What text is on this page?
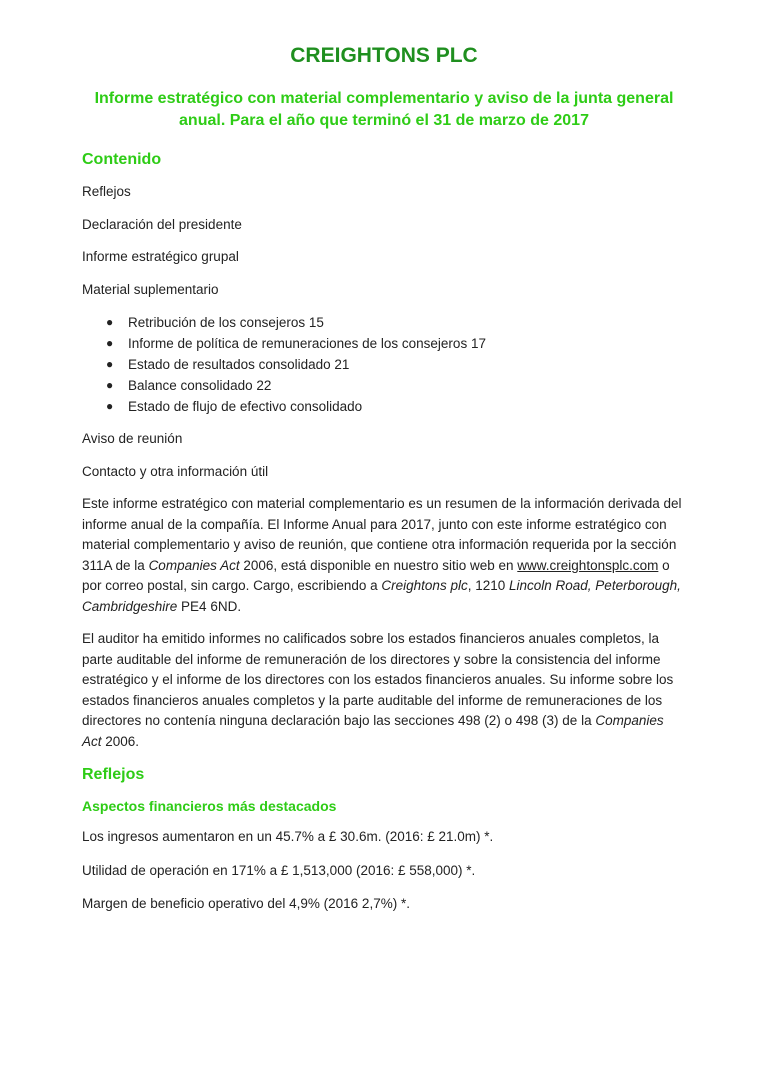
CREIGHTONS PLC
Informe estratégico con material complementario y aviso de la junta general
anual. Para el año que terminó el 31 de marzo de 2017
Contenido

Reflejos

Declaración del presidente

Informe estratégico grupal

Material suplementario

● Retribución de los consejeros 15
● Informe de política de remuneraciones de los consejeros 17
● Estado de resultados consolidado 21
● Balance consolidado 22
● Estado de flujo de efectivo consolidado

Aviso de reunión

Contacto y otra información útil

Este informe estratégico con material complementario es un resumen de la información derivada del informe anual de la compañía. El Informe Anual para 2017, junto con este informe estratégico con material complementario y aviso de reunión, que contiene otra información requerida por la sección 311A de la Companies Act 2006, está disponible en nuestro sitio web en www.creightonsplc.com o por correo postal, sin cargo. Cargo, escribiendo a Creightons plc, 1210 Lincoln Road, Peterborough, Cambridgeshire PE4 6ND.

El auditor ha emitido informes no calificados sobre los estados financieros anuales completos, la parte auditable del informe de remuneración de los directores y sobre la consistencia del informe estratégico y el informe de los directores con los estados financieros anuales. Su informe sobre los estados financieros anuales completos y la parte auditable del informe de remuneraciones de los directores no contenía ninguna declaración bajo las secciones 498 (2) o 498 (3) de la Companies Act 2006.

Reflejos
Aspectos financieros más destacados

Los ingresos aumentaron en un 45.7% a £ 30.6m. (2016: £ 21.0m) *.

Utilidad de operación en 171% a £ 1,513,000 (2016: £ 558,000) *.

Margen de beneficio operativo del 4,9% (2016 2,7%) *.
